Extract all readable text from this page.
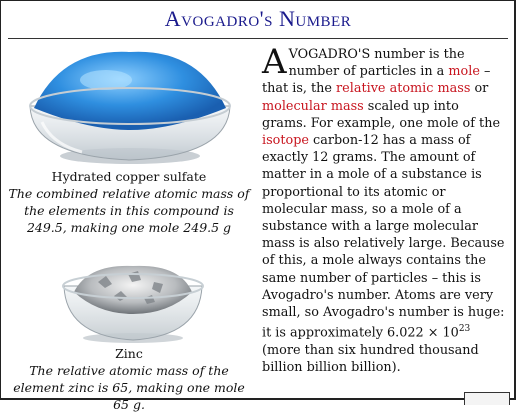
Avogadro's Number
Hydrated copper sulfate
The combined relative atomic mass of the elements in this compound is 249.5, making one mole 249.5 g
Zinc
The relative atomic mass of the element zinc is 65, making one mole 65 g.
AVOGADRO'S number is the number of particles in a mole – that is, the relative atomic mass or molecular mass scaled up into grams. For example, one mole of the isotope carbon-12 has a mass of exactly 12 grams. The amount of matter in a mole of a substance is proportional to its atomic or molecular mass, so a mole of a substance with a large molecular mass is also relatively large. Because of this, a mole always contains the same number of particles – this is Avogadro's number. Atoms are very small, so Avogadro's number is huge: it is approximately $6.022 \times 10^{23}$ (more than six hundred thousand billion billion billion).
